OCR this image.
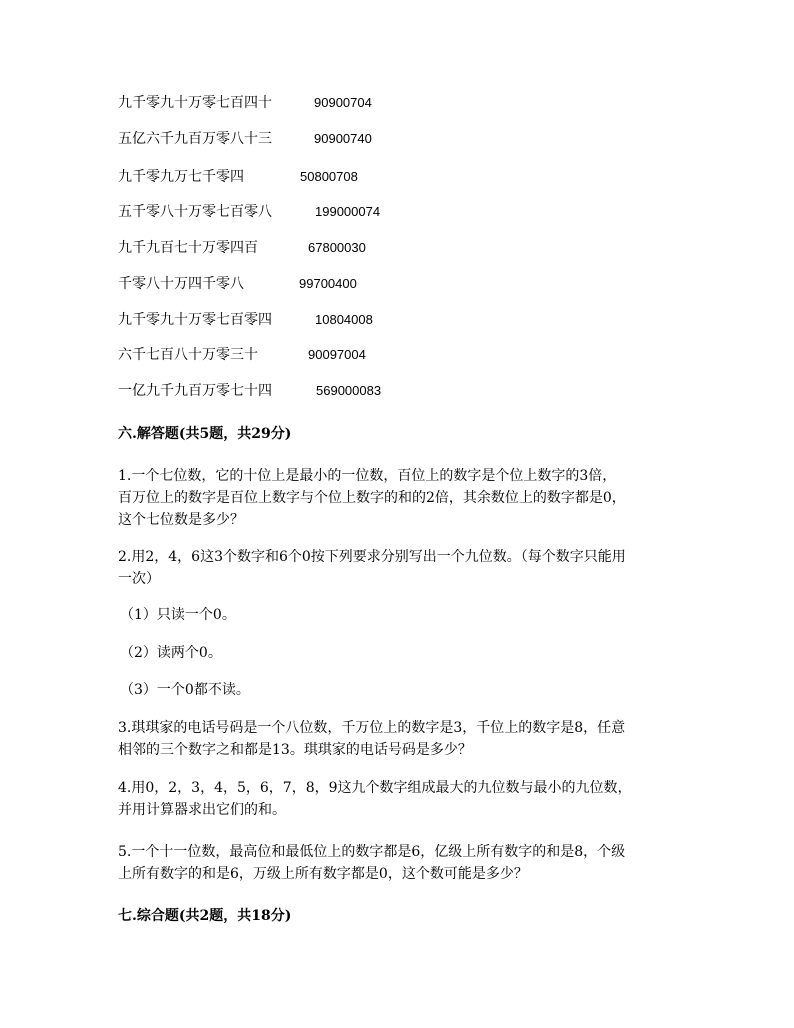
九千零九十万零七百四十	90900704
五亿六千九百万零八十三	90900740
九千零九万七千零四	50800708
五千零八十万零七百零八	199000074
九千九百七十万零四百	67800030
千零八十万四千零八	99700400
九千零九十万零七百零四	10804008
六千七百八十万零三十	90097004
一亿九千九百万零七十四	569000083
六.解答题(共5题，共29分)
1.一个七位数，它的十位上是最小的一位数，百位上的数字是个位上数字的3倍，
百万位上的数字是百位上数字与个位上数字的和的2倍，其余数位上的数字都是0，
这个七位数是多少？
2.用2，4，6这3个数字和6个0按下列要求分别写出一个九位数。（每个数字只能用
一次）
（1）只读一个0。
（2）读两个0。
（3）一个0都不读。
3.琪琪家的电话号码是一个八位数，千万位上的数字是3，千位上的数字是8，任意
相邻的三个数字之和都是13。琪琪家的电话号码是多少？
4.用0，2，3，4，5，6，7，8，9这九个数字组成最大的九位数与最小的九位数，
并用计算器求出它们的和。
5.一个十一位数，最高位和最低位上的数字都是6，亿级上所有数字的和是8，个级
上所有数字的和是6，万级上所有数字都是0，这个数可能是多少？
七.综合题(共2题，共18分)
